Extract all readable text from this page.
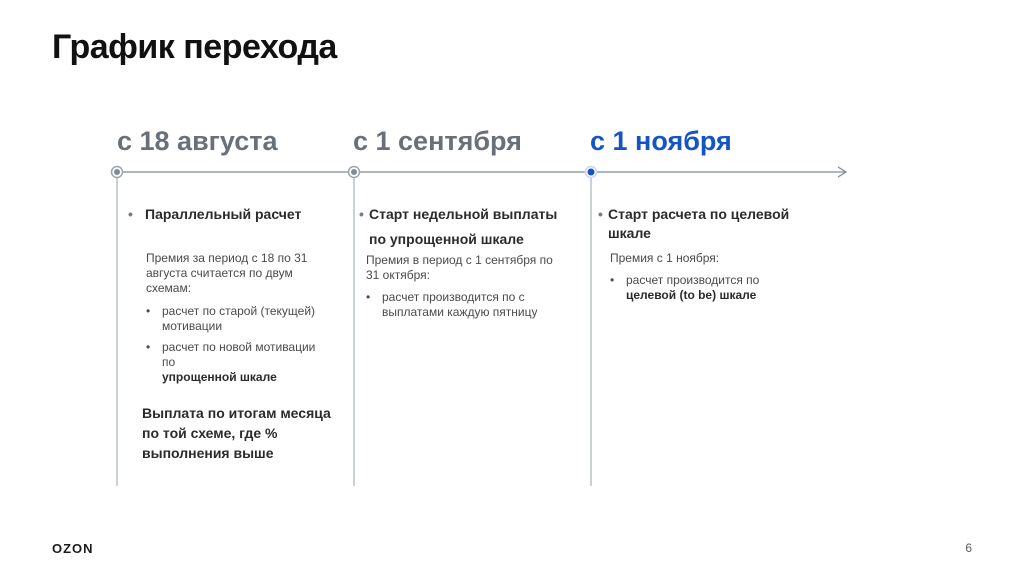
График перехода
с 18 августа	с 1 сентября	с 1 ноября
• Параллельный расчет

Премия за период с 18 по 31 августа считается по двум схемам:

• расчет по старой (текущей) мотивации
• расчет по новой мотивации по
упрощенной шкале
Выплата по итогам месяца по той схеме, где % выполнения выше
• Старт недельной выплаты
по упрощенной шкале

Премия в период с 1 сентября по 31 октября:

• расчет производится по с выплатами каждую пятницу
• Старт расчета по целевой
шкале

Премия с 1 ноября:

• расчет производится по
целевой (to be) шкале
OZON	6
